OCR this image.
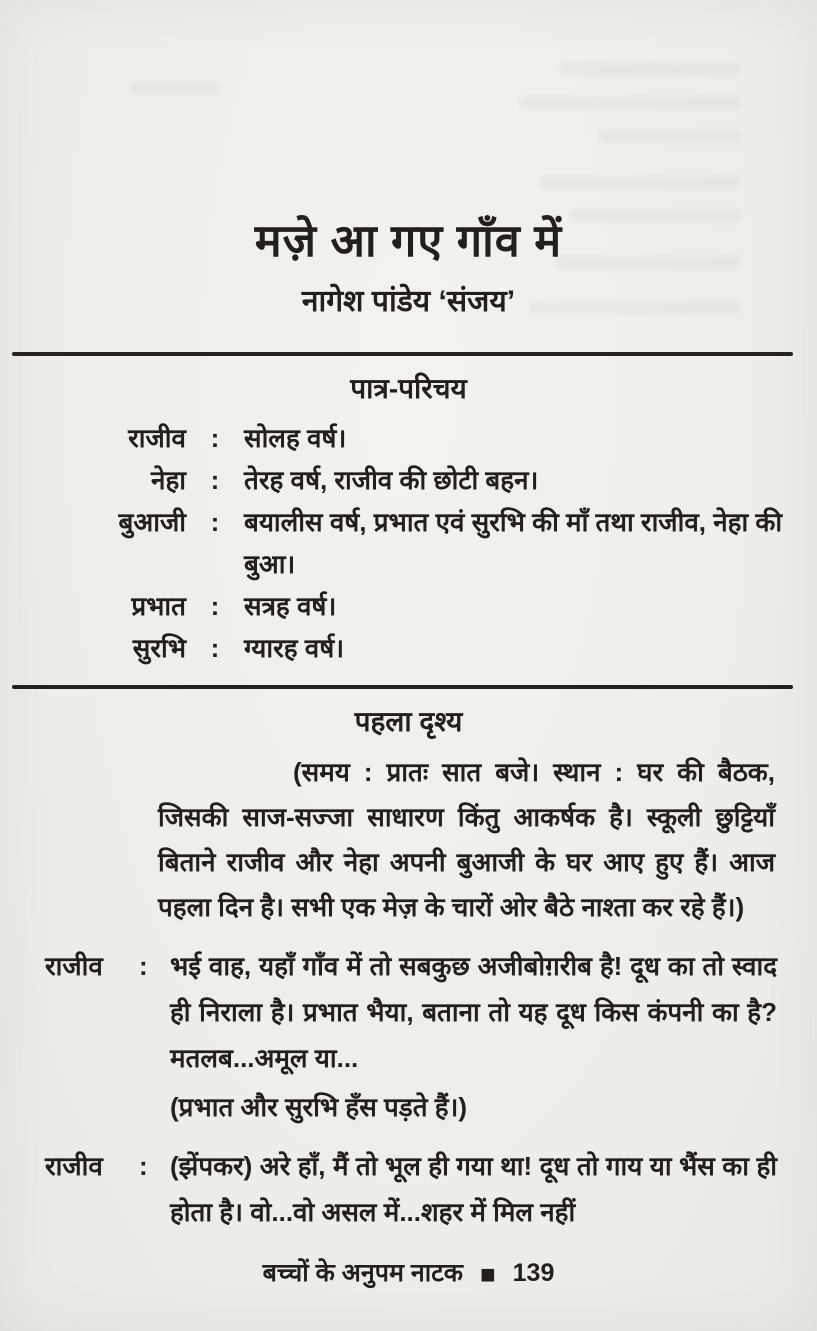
मज़े आ गए गाँव में
नागेश पांडेय ‘संजय’
पात्र-परिचय
राजीव : सोलह वर्ष।
नेहा : तेरह वर्ष, राजीव की छोटी बहन।
बुआजी : बयालीस वर्ष, प्रभात एवं सुरभि की माँ तथा राजीव, नेहा की बुआ।
प्रभात : सत्रह वर्ष।
सुरभि : ग्यारह वर्ष।
पहला दृश्य

(समय : प्रातः सात बजे। स्थान : घर की बैठक, जिसकी साज-सज्जा साधारण किंतु आकर्षक है। स्कूली छुट्टियाँ बिताने राजीव और नेहा अपनी बुआजी के घर आए हुए हैं। आज पहला दिन है। सभी एक मेज़ के चारों ओर बैठे नाश्ता कर रहे हैं।)

राजीव : भई वाह, यहाँ गाँव में तो सबकुछ अजीबोग़रीब है! दूध का तो स्वाद ही निराला है। प्रभात भैया, बताना तो यह दूध किस कंपनी का है? मतलब...अमूल या...

(प्रभात और सुरभि हँस पड़ते हैं।)

राजीव : (झेंपकर) अरे हाँ, मैं तो भूल ही गया था! दूध तो गाय या भैंस का ही होता है। वो...वो असल में...शहर में मिल नहीं
बच्चों के अनुपम नाटक ■ 139
